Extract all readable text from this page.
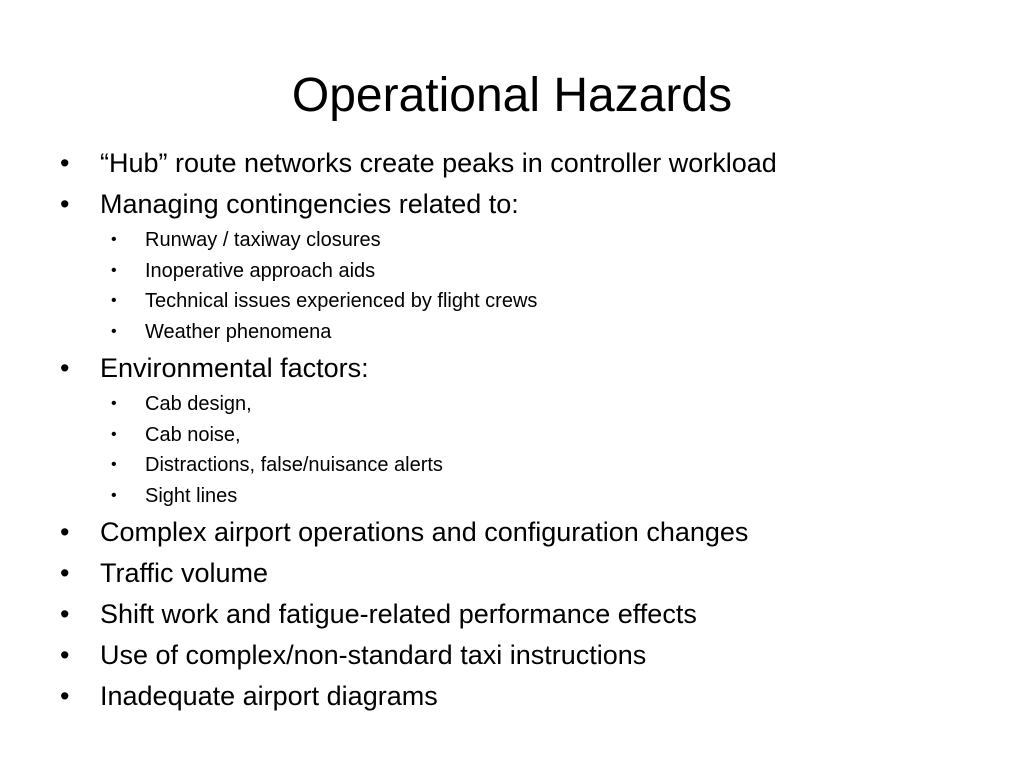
Operational Hazards
• “Hub” route networks create peaks in controller workload
• Managing contingencies related to:
• Runway / taxiway closures
• Inoperative approach aids
• Technical issues experienced by flight crews
• Weather phenomena
• Environmental factors:
• Cab design,
• Cab noise,
• Distractions, false/nuisance alerts
• Sight lines
• Complex airport operations and configuration changes
• Traffic volume
• Shift work and fatigue-related performance effects
• Use of complex/non-standard taxi instructions
• Inadequate airport diagrams
